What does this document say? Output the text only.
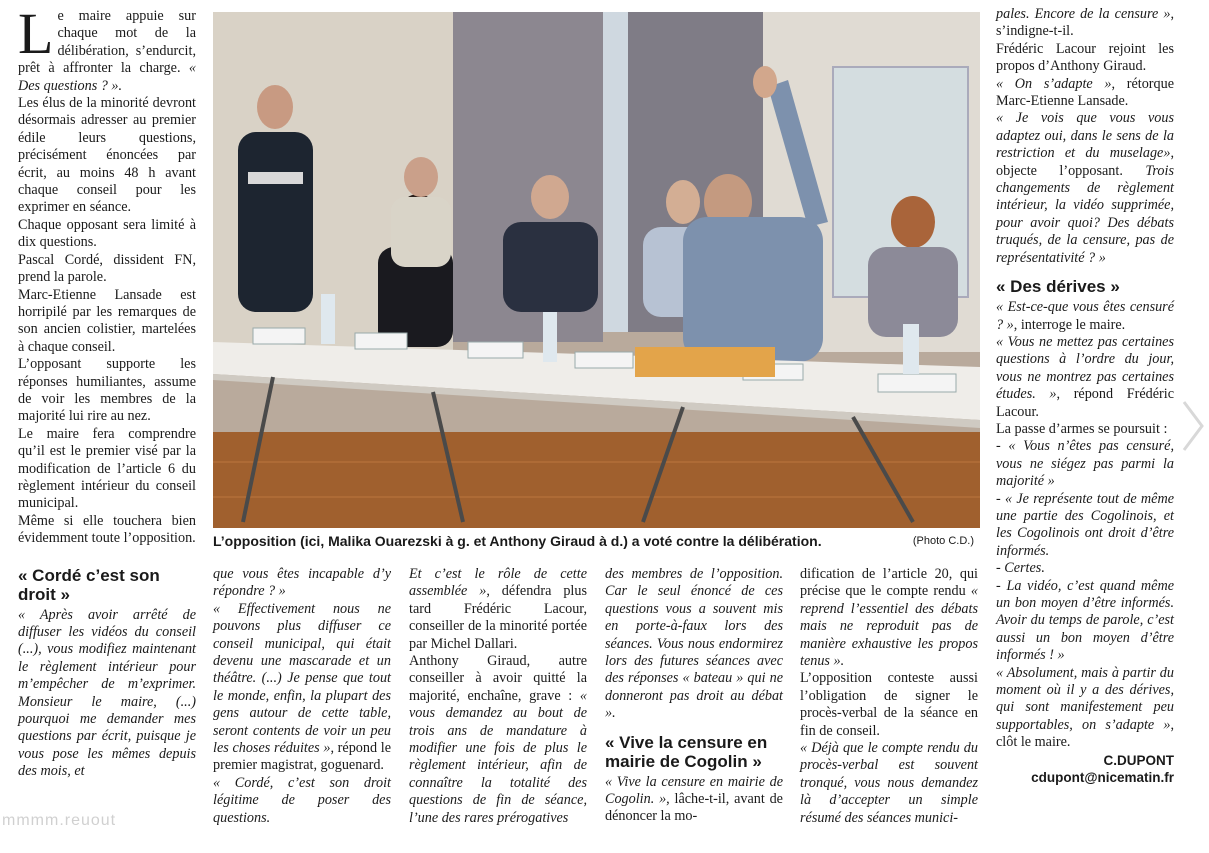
Le maire appuie sur chaque mot de la délibération, s’endurcit, prêt à affronter la charge. « Des questions ? ».

Les élus de la minorité devront désormais adresser au premier édile leurs questions, précisément énoncées par écrit, au moins 48 h avant chaque conseil pour les exprimer en séance.

Chaque opposant sera limité à dix questions.

Pascal Cordé, dissident FN, prend la parole.

Marc-Etienne Lansade est horripilé par les remarques de son ancien colistier, martelées à chaque conseil.

L’opposant supporte les réponses humiliantes, assume de voir les membres de la majorité lui rire au nez.

Le maire fera comprendre qu’il est le premier visé par la modification de l’article 6 du règlement intérieur du conseil municipal.

Même si elle touchera bien évidemment toute l’opposition.

« Cordé c’est son droit »

« Après avoir arrêté de diffuser les vidéos du conseil (...), vous modifiez maintenant le règlement intérieur pour m’empêcher de m’exprimer. Monsieur le maire, (...) pourquoi me demander mes questions par écrit, puisque je vous pose les mêmes depuis des mois, et

L’opposition (ici, Malika Ouarezski à g. et Anthony Giraud à d.) a voté contre la délibération.	(Photo C.D.)

que vous êtes incapable d’y répondre ? »

« Effectivement nous ne pouvons plus diffuser ce conseil municipal, qui était devenu une mascarade et un théâtre. (...) Je pense que tout le monde, enfin, la plupart des gens autour de cette table, seront contents de voir un peu les choses réduites », répond le premier magistrat, goguenard.

« Cordé, c’est son droit légitime de poser des questions.

Et c’est le rôle de cette assemblée », défendra plus tard Frédéric Lacour, conseiller de la minorité portée par Michel Dallari.

Anthony Giraud, autre conseiller à avoir quitté la majorité, enchaîne, grave : « vous demandez au bout de trois ans de mandature à modifier une fois de plus le règlement intérieur, afin de connaître la totalité des questions de fin de séance, l’une des rares prérogatives

des membres de l’opposition. Car le seul énoncé de ces questions vous a souvent mis en porte-à-faux lors des séances. Vous nous endormirez lors des futures séances avec des réponses « bateau » qui ne donneront pas droit au débat ».

« Vive la censure en mairie de Cogolin »

« Vive la censure en mairie de Cogolin. », lâche-t-il, avant de dénoncer la mo-

dification de l’article 20, qui précise que le compte rendu « reprend l’essentiel des débats mais ne reproduit pas de manière exhaustive les propos tenus ».

L’opposition conteste aussi l’obligation de signer le procès-verbal de la séance en fin de conseil.

« Déjà que le compte rendu du procès-verbal est souvent tronqué, vous nous demandez là d’accepter un simple résumé des séances munici-

pales. Encore de la censure », s’indigne-t-il.

Frédéric Lacour rejoint les propos d’Anthony Giraud.

« On s’adapte », rétorque Marc-Etienne Lansade.

« Je vois que vous vous adaptez oui, dans le sens de la restriction et du muselage», objecte l’opposant. Trois changements de règlement intérieur, la vidéo supprimée, pour avoir quoi? Des débats truqués, de la censure, pas de représentativité ? »

« Des dérives »

« Est-ce-que vous êtes censuré ? », interroge le maire.

« Vous ne mettez pas certaines questions à l’ordre du jour, vous ne montrez pas certaines études. », répond Frédéric Lacour.

La passe d’armes se poursuit :

- « Vous n’êtes pas censuré, vous ne siégez pas parmi la majorité »

- « Je représente tout de même une partie des Cogolinois, et les Cogolinois ont droit d’être informés.

- Certes.

- La vidéo, c’est quand même un bon moyen d’être informés. Avoir du temps de parole, c’est aussi un bon moyen d’être informés ! »

« Absolument, mais à partir du moment où il y a des dérives, qui sont manifestement peu supportables, on s’adapte », clôt le maire.

C.DUPONT
cdupont@nicematin.fr
mmmm.reuout
